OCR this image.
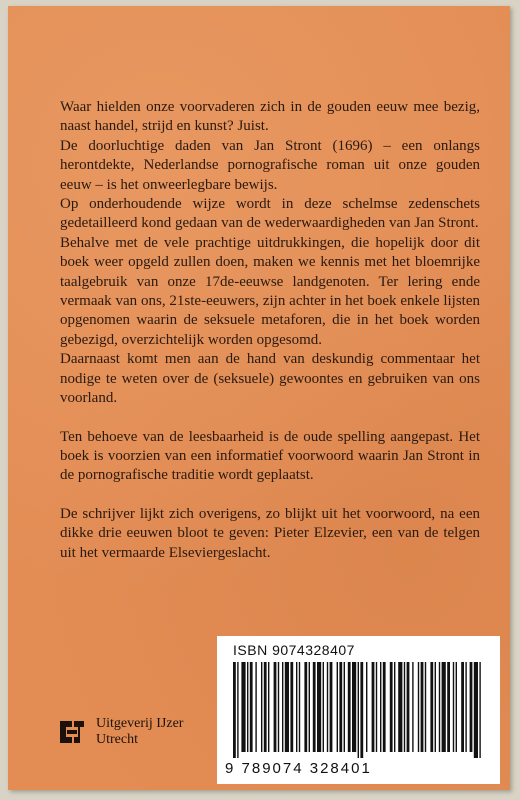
Waar hielden onze voorvaderen zich in de gouden eeuw mee bezig, naast handel, strijd en kunst? Juist.

De doorluchtige daden van Jan Stront (1696) – een onlangs herontdekte, Nederlandse pornografische roman uit onze gouden eeuw – is het onweerlegbare bewijs.

Op onderhoudende wijze wordt in deze schelmse zedenschets gedetailleerd kond gedaan van de wederwaardigheden van Jan Stront.

Behalve met de vele prachtige uitdrukkingen, die hopelijk door dit boek weer opgeld zullen doen, maken we kennis met het bloemrijke taalgebruik van onze 17de-eeuwse landgenoten. Ter lering ende vermaak van ons, 21ste-eeuwers, zijn achter in het boek enkele lijsten opgenomen waarin de seksuele metaforen, die in het boek worden gebezigd, overzichtelijk worden opgesomd.

Daarnaast komt men aan de hand van deskundig commentaar het nodige te weten over de (seksuele) gewoontes en gebruiken van ons voorland.

Ten behoeve van de leesbaarheid is de oude spelling aangepast. Het boek is voorzien van een informatief voorwoord waarin Jan Stront in de pornografische traditie wordt geplaatst.

De schrijver lijkt zich overigens, zo blijkt uit het voorwoord, na een dikke drie eeuwen bloot te geven: Pieter Elzevier, een van de telgen uit het vermaarde Elseviergeslacht.

Uitgeverij IJzer
Utrecht
ISBN 9074328407
9 789074 328401
